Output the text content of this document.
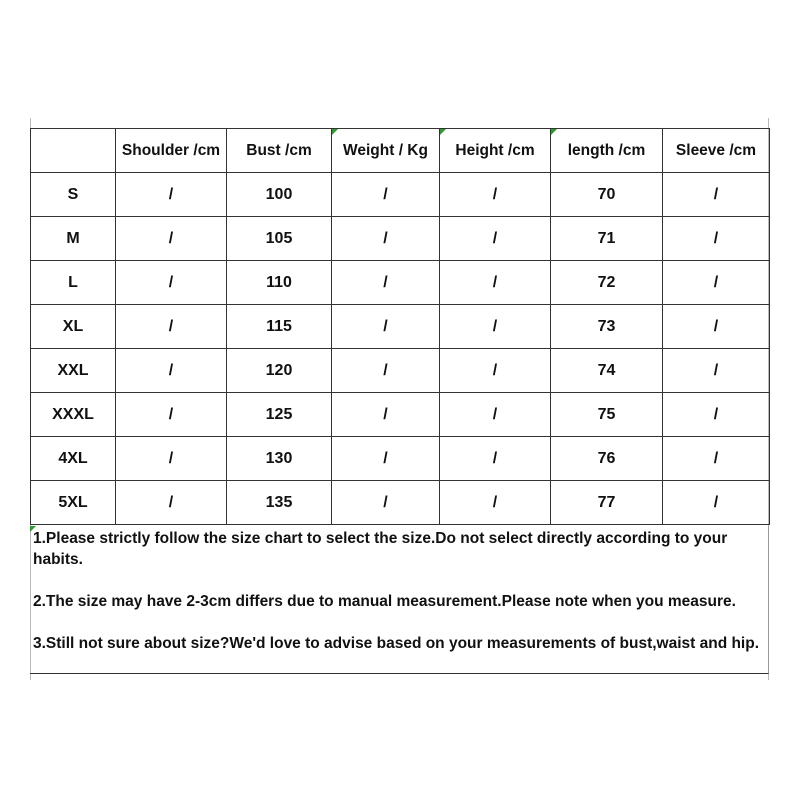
	Shoulder /cm	Bust /cm	Weight / Kg	Height /cm	length /cm	Sleeve /cm
S	/	100	/	/	70	/
M	/	105	/	/	71	/
L	/	110	/	/	72	/
XL	/	115	/	/	73	/
XXL	/	120	/	/	74	/
XXXL	/	125	/	/	75	/
4XL	/	130	/	/	76	/
5XL	/	135	/	/	77	/

1.Please strictly follow the size chart to select the size.Do not select directly according to your habits.

2.The size may have 2-3cm differs due to manual measurement.Please note when you measure.

3.Still not sure about size?We'd love to advise based on your measurements of bust,waist and hip.
